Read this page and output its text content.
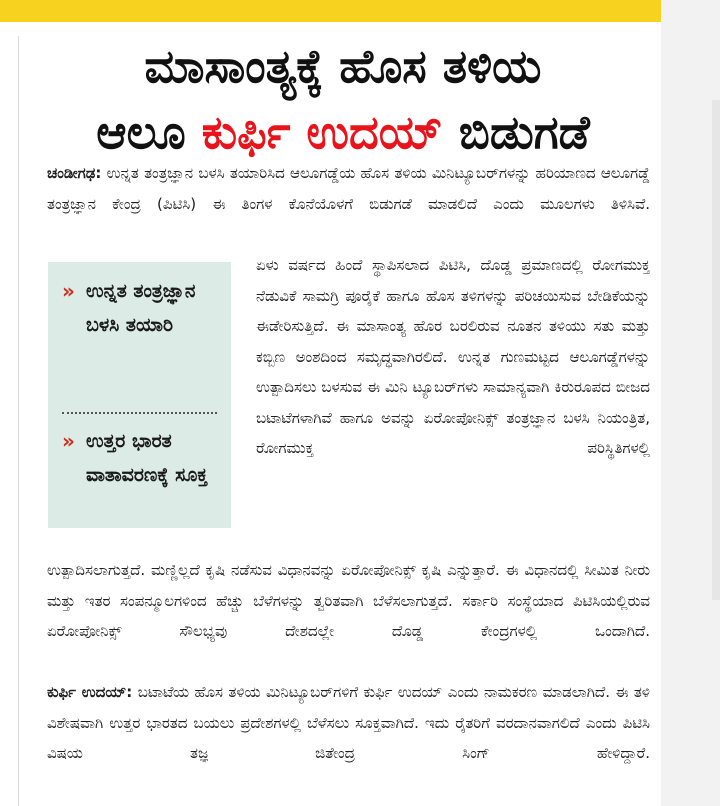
ಮಾಸಾಂತ್ಯಕ್ಕೆ ಹೊಸ ತಳಿಯ
ಆಲೂ ಕುರ್ಫಿ ಉದಯ್ ಬಿಡುಗಡೆ
ಚಂಡೀಗಢ: ಉನ್ನತ ತಂತ್ರಜ್ಞಾನ ಬಳಸಿ ತಯಾರಿಸಿದ ಆಲೂಗಡ್ಡೆಯ ಹೊಸ ತಳಿಯ ಮಿನಿಟ್ಯೂಬರ್‌ಗಳನ್ನು ಹರಿಯಾಣದ ಆಲೂಗಡ್ಡೆ ತಂತ್ರಜ್ಞಾನ ಕೇಂದ್ರ (ಪಿಟಿಸಿ) ಈ ತಿಂಗಳ ಕೊನೆಯೊಳಗೆ ಬಿಡುಗಡೆ ಮಾಡಲಿದೆ ಎಂದು ಮೂಲಗಳು ತಿಳಿಸಿವೆ.
» ಉನ್ನತ ತಂತ್ರಜ್ಞಾನ ಬಳಸಿ ತಯಾರಿ
» ಉತ್ತರ ಭಾರತ ವಾತಾವರಣಕ್ಕೆ ಸೂಕ್ತ
ಏಳು ವರ್ಷದ ಹಿಂದೆ ಸ್ಥಾಪಿಸಲಾದ ಪಿಟಿಸಿ, ದೊಡ್ಡ ಪ್ರಮಾಣದಲ್ಲಿ ರೋಗಮುಕ್ತ ನೆಡುವಿಕೆ ಸಾಮಗ್ರಿ ಪೂರೈಕೆ ಹಾಗೂ ಹೊಸ ತಳಿಗಳನ್ನು ಪರಿಚಯಿಸುವ ಬೇಡಿಕೆಯನ್ನು ಈಡೇರಿಸುತ್ತಿದೆ. ಈ ಮಾಸಾಂತ್ಯ ಹೊರ ಬರಲಿರುವ ನೂತನ ತಳಿಯು ಸತು ಮತ್ತು ಕಬ್ಬಿಣ ಅಂಶದಿಂದ ಸಮೃದ್ಧವಾಗಿರಲಿದೆ. ಉನ್ನತ ಗುಣಮಟ್ಟದ ಆಲೂಗಡ್ಡೆಗಳನ್ನು ಉತ್ಪಾದಿಸಲು ಬಳಸುವ ಈ ಮಿನಿ ಟ್ಯೂಬರ್‌ಗಳು ಸಾಮಾನ್ಯವಾಗಿ ಕಿರುರೂಪದ ಬೀಜದ ಬಟಾಟೆಗಳಾಗಿವೆ ಹಾಗೂ ಅವನ್ನು ಏರೋಪೋನಿಕ್ಸ್ ತಂತ್ರಜ್ಞಾನ ಬಳಸಿ ನಿಯಂತ್ರಿತ, ರೋಗಮುಕ್ತ ಪರಿಸ್ಥಿತಿಗಳಲ್ಲಿ
ಉತ್ಪಾದಿಸಲಾಗುತ್ತದೆ. ಮಣ್ಣಿಲ್ಲದೆ ಕೃಷಿ ನಡೆಸುವ ವಿಧಾನವನ್ನು ಏರೋಪೋನಿಕ್ಸ್ ಕೃಷಿ ಎನ್ನುತ್ತಾರೆ. ಈ ವಿಧಾನದಲ್ಲಿ ಸೀಮಿತ ನೀರು ಮತ್ತು ಇತರ ಸಂಪನ್ಮೂಲಗಳಿಂದ ಹೆಚ್ಚು ಬೆಳೆಗಳನ್ನು ತ್ವರಿತವಾಗಿ ಬೆಳೆಸಲಾಗುತ್ತದೆ. ಸರ್ಕಾರಿ ಸಂಸ್ಥೆಯಾದ ಪಿಟಿಸಿಯಲ್ಲಿರುವ ಏರೋಪೋನಿಕ್ಸ್ ಸೌಲಭ್ಯವು ದೇಶದಲ್ಲೇ ದೊಡ್ಡ ಕೇಂದ್ರಗಳಲ್ಲಿ ಒಂದಾಗಿದೆ.
ಕುರ್ಫಿ ಉದಯ್: ಬಟಾಟೆಯ ಹೊಸ ತಳಿಯ ಮಿನಿಟ್ಯೂಬರ್‌ಗಳಿಗೆ ಕುರ್ಫಿ ಉದಯ್ ಎಂದು ನಾಮಕರಣ ಮಾಡಲಾಗಿದೆ. ಈ ತಳಿ ವಿಶೇಷವಾಗಿ ಉತ್ತರ ಭಾರತದ ಬಯಲು ಪ್ರದೇಶಗಳಲ್ಲಿ ಬೆಳೆಸಲು ಸೂಕ್ತವಾಗಿದೆ. ಇದು ರೈತರಿಗೆ ವರದಾನವಾಗಲಿದೆ ಎಂದು ಪಿಟಿಸಿ ವಿಷಯ ತಜ್ಞ ಜಿತೇಂದ್ರ ಸಿಂಗ್ ಹೇಳಿದ್ದಾರೆ.
